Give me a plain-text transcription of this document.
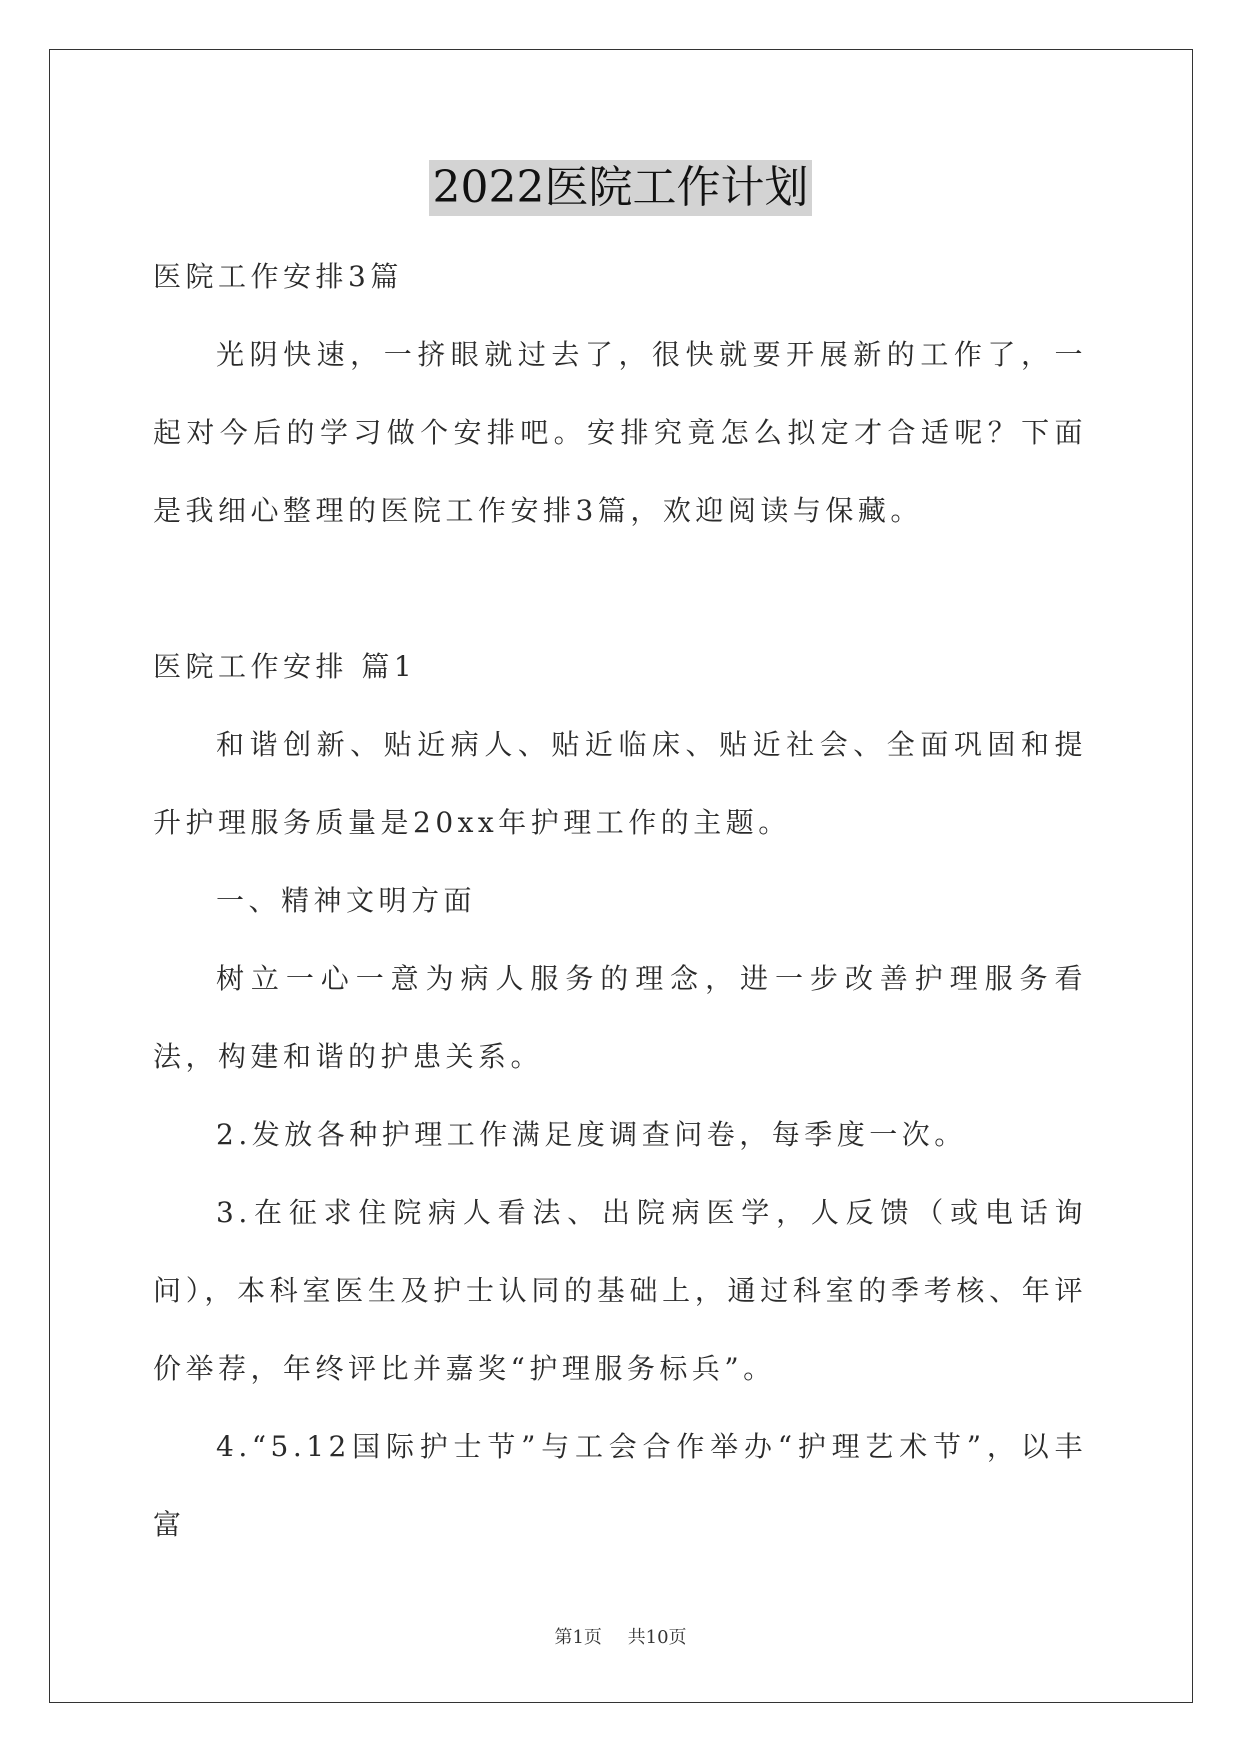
2022医院工作计划

医院工作安排3篇

光阴快速，一挤眼就过去了，很快就要开展新的工作了，一起对今后的学习做个安排吧。安排究竟怎么拟定才合适呢？下面是我细心整理的医院工作安排3篇，欢迎阅读与保藏。

医院工作安排 篇1

和谐创新、贴近病人、贴近临床、贴近社会、全面巩固和提升护理服务质量是20xx年护理工作的主题。

一、精神文明方面

树立一心一意为病人服务的理念，进一步改善护理服务看法，构建和谐的护患关系。

2.发放各种护理工作满足度调查问卷，每季度一次。

3.在征求住院病人看法、出院病医学，人反馈（或电话询问），本科室医生及护士认同的基础上，通过科室的季考核、年评价举荐，年终评比并嘉奖“护理服务标兵”。

4.“5.12国际护士节”与工会合作举办“护理艺术节”，以丰富

第1页 共10页
